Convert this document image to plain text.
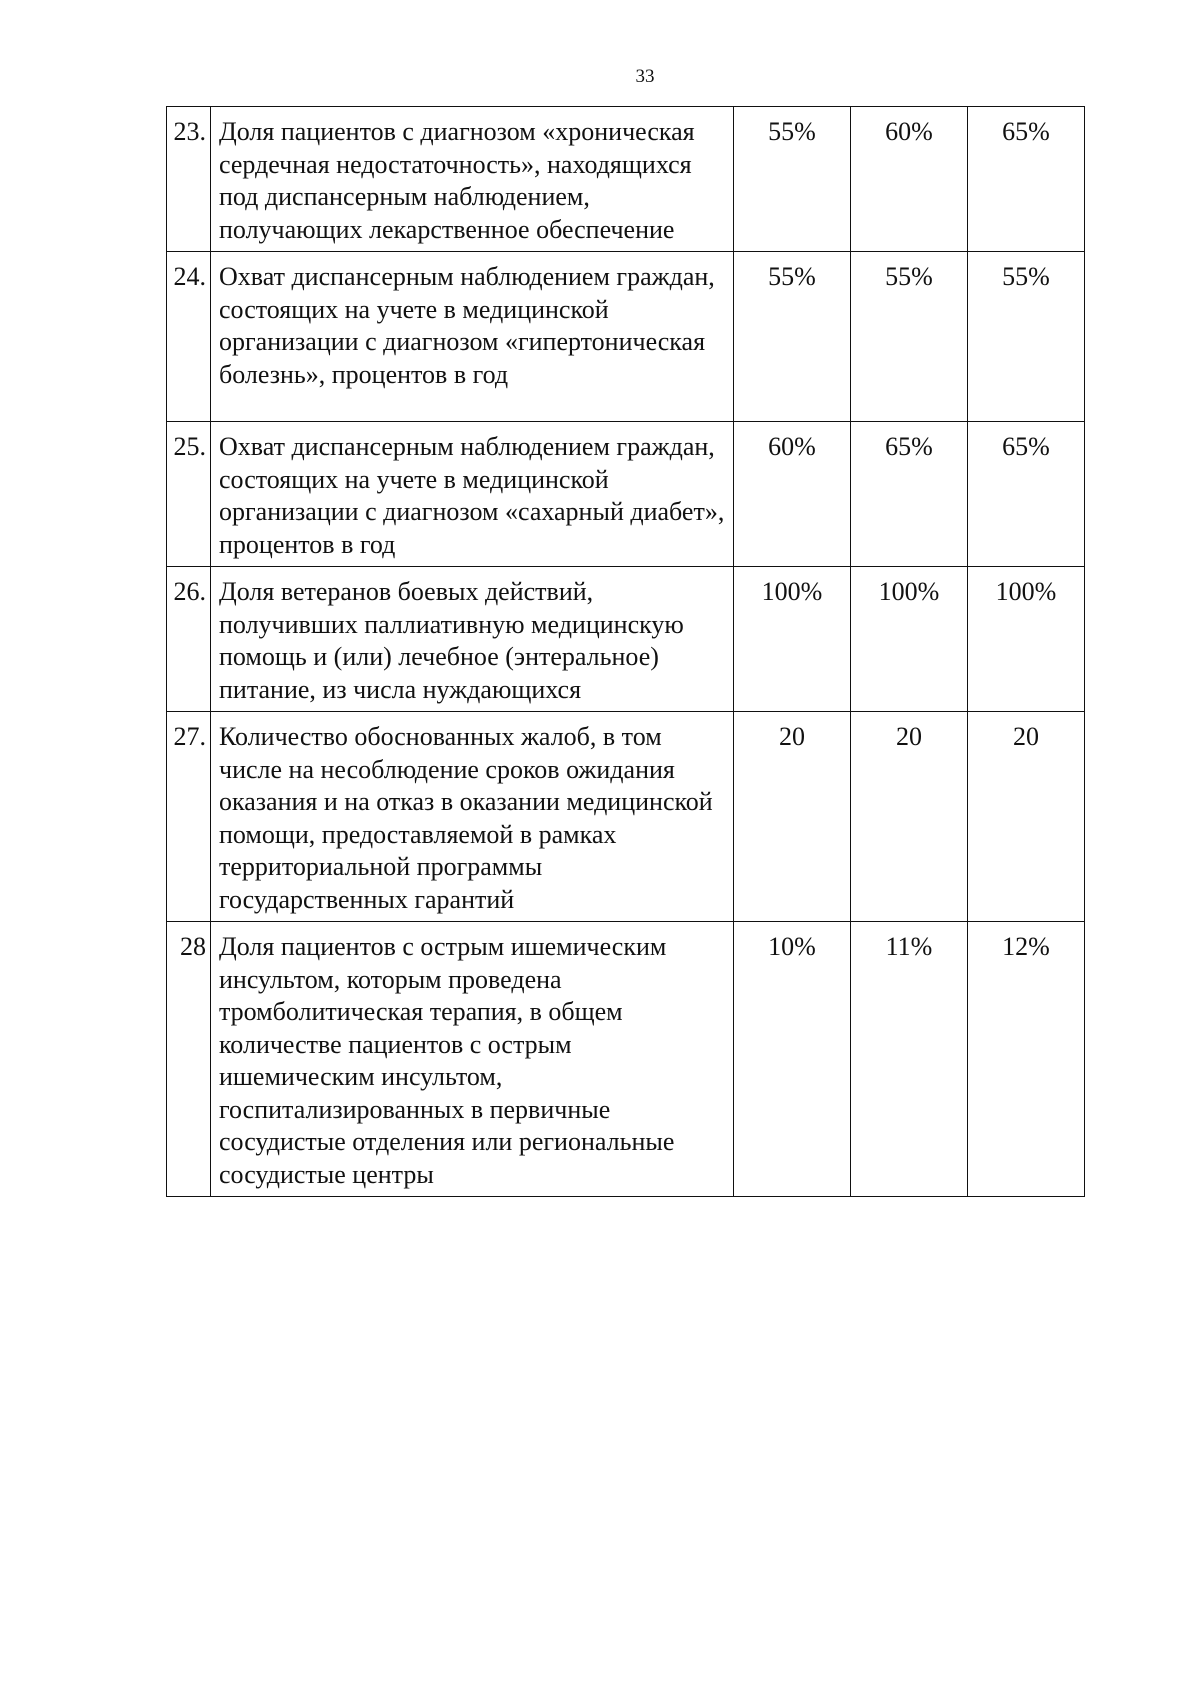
33
23.	Доля пациентов с диагнозом «хроническая сердечная недостаточность», находящихся под диспансерным наблюдением, получающих лекарственное обеспечение	55%	60%	65%
24.	Охват диспансерным наблюдением граждан, состоящих на учете в медицинской организации с диагнозом «гипертоническая болезнь», процентов в год	55%	55%	55%
25.	Охват диспансерным наблюдением граждан, состоящих на учете в медицинской организации с диагнозом «сахарный диабет», процентов в год	60%	65%	65%
26.	Доля ветеранов боевых действий, получивших паллиативную медицинскую помощь и (или) лечебное (энтеральное) питание, из числа нуждающихся	100%	100%	100%
27.	Количество обоснованных жалоб, в том числе на несоблюдение сроков ожидания оказания и на отказ в оказании медицинской помощи, предоставляемой в рамках территориальной программы государственных гарантий	20	20	20
28	Доля пациентов с острым ишемическим инсультом, которым проведена тромболитическая терапия, в общем количестве пациентов с острым ишемическим инсультом, госпитализированных в первичные сосудистые отделения или региональные сосудистые центры	10%	11%	12%
